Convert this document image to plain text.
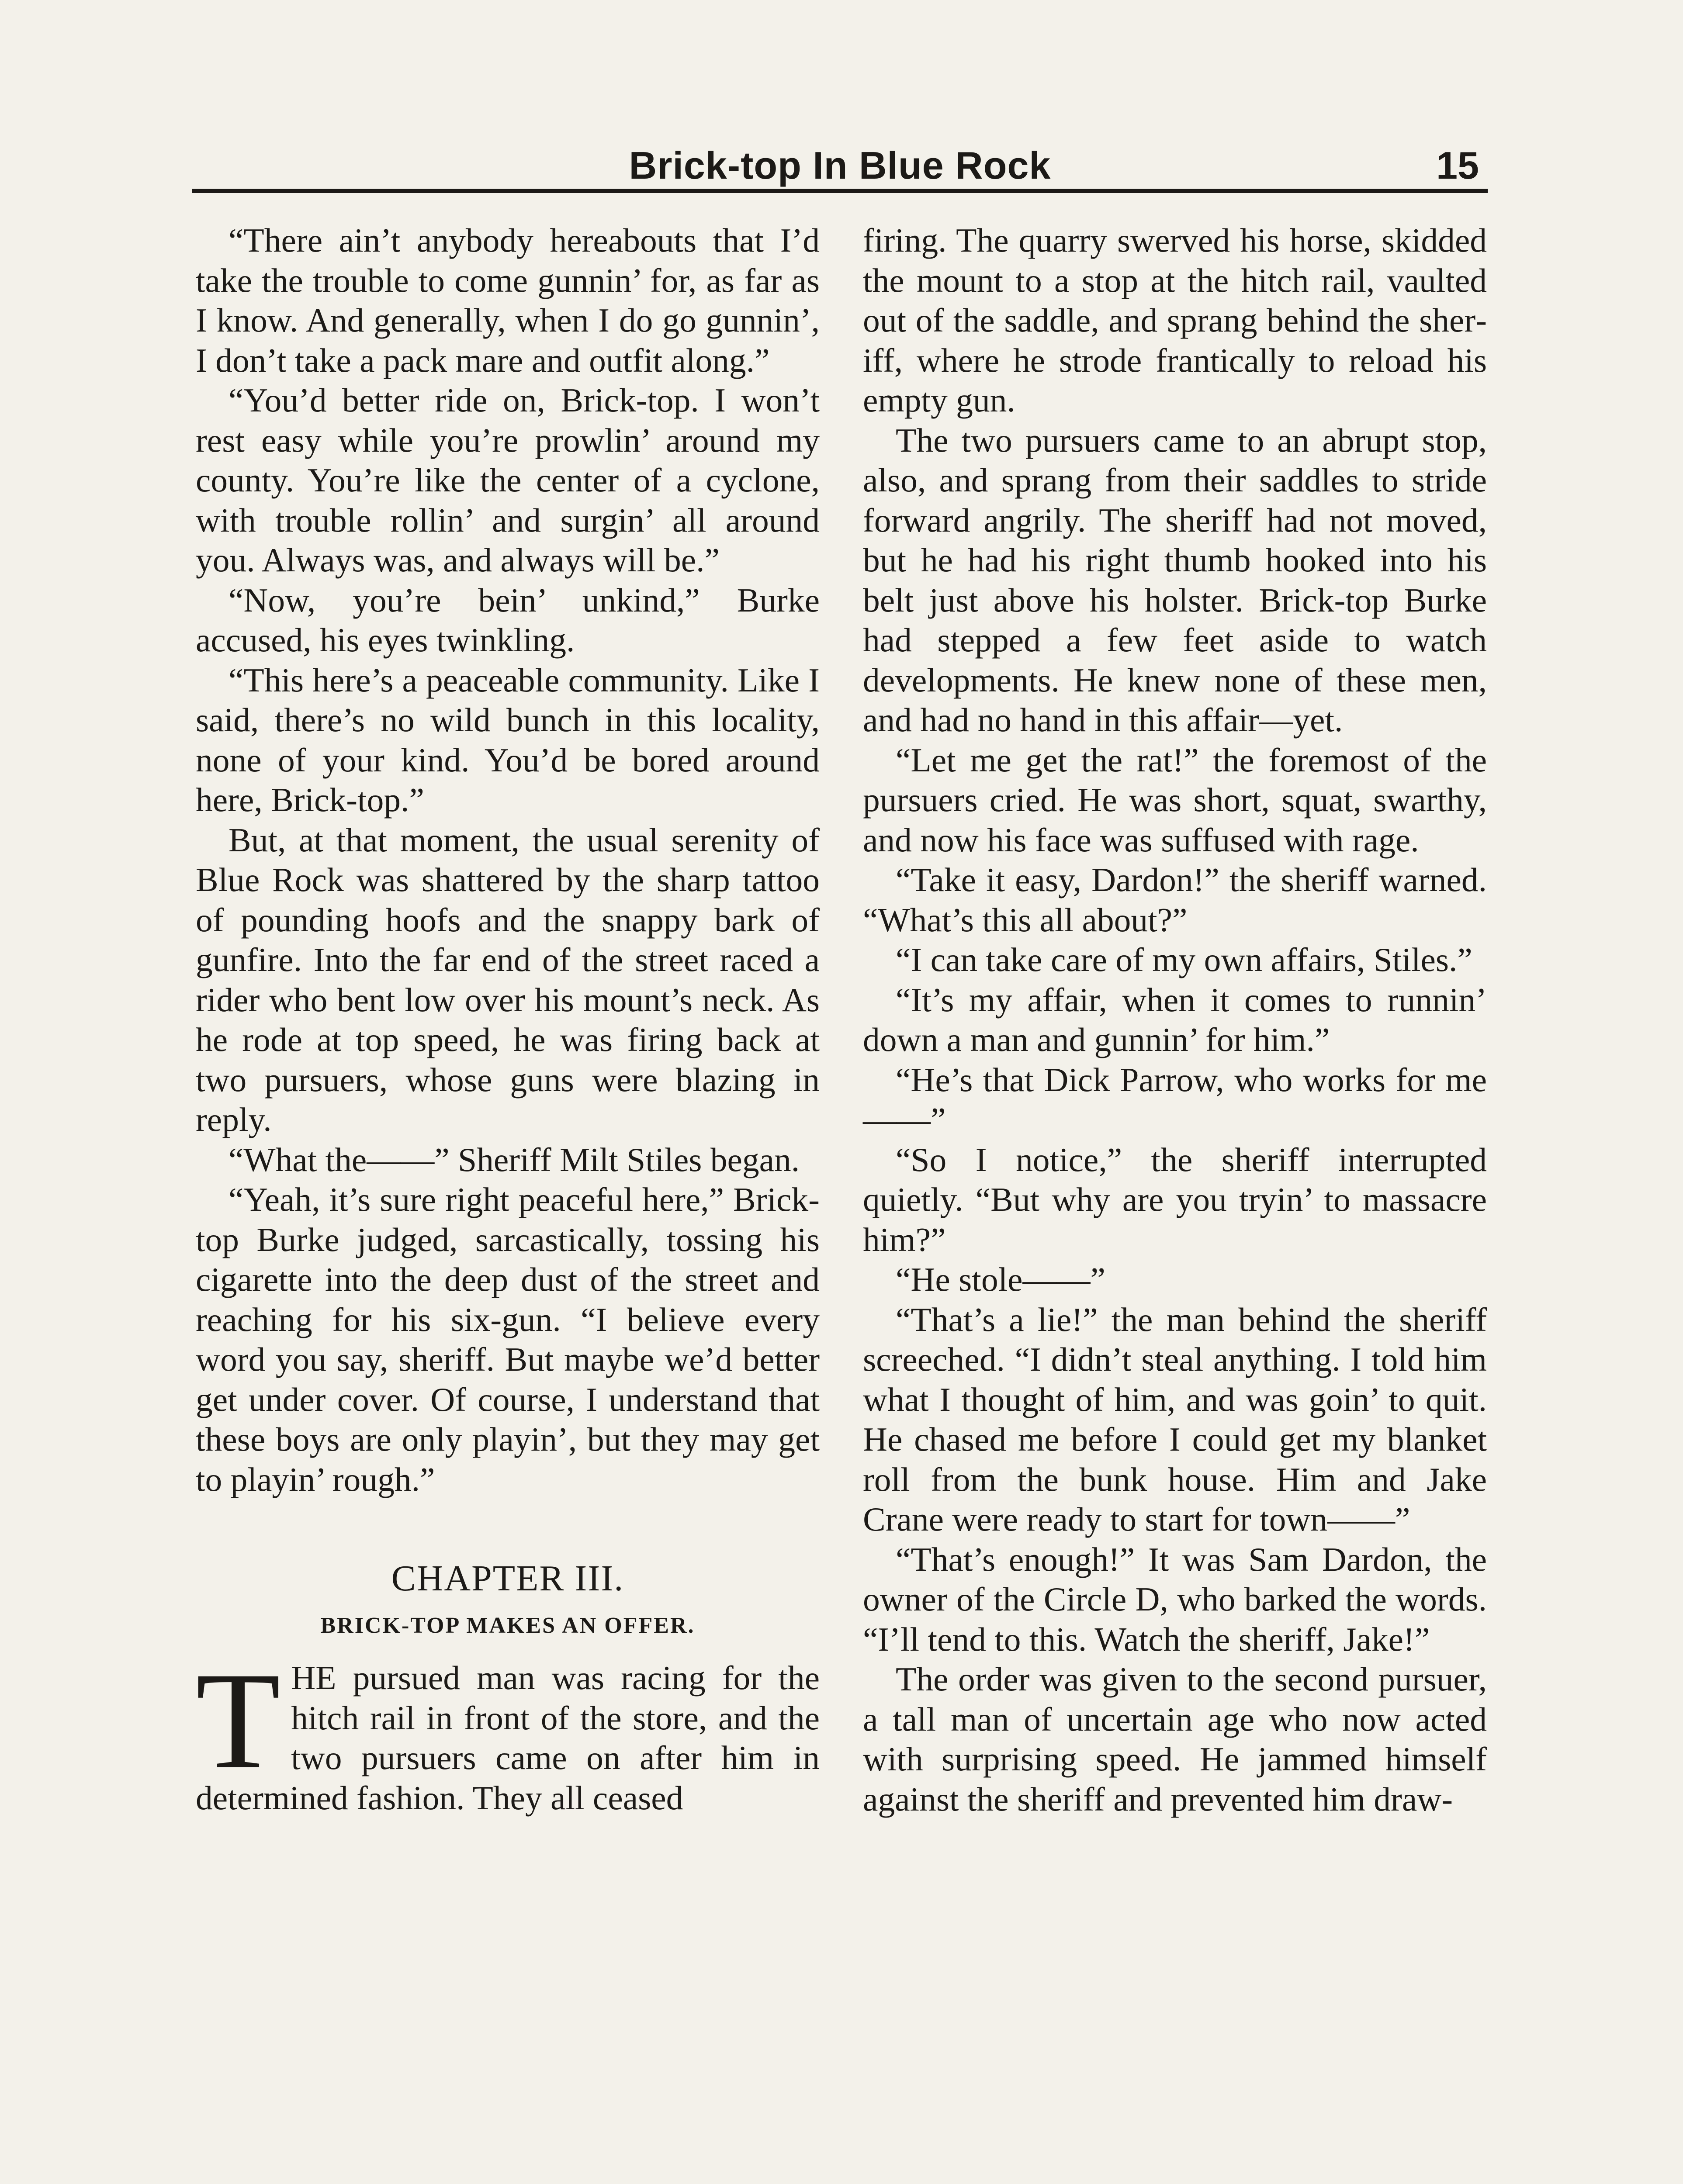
Brick-top In Blue Rock	15

“There ain’t anybody hereabouts that I’d take the trouble to come gunnin’ for, as far as I know. And generally, when I do go gunnin’, I don’t take a pack mare and outfit along.”

“You’d better ride on, Brick-top. I won’t rest easy while you’re prowlin’ around my county. You’re like the center of a cyclone, with trouble rollin’ and surgin’ all around you. Always was, and always will be.”

“Now, you’re bein’ unkind,” Burke accused, his eyes twinkling.

“This here’s a peaceable community. Like I said, there’s no wild bunch in this locality, none of your kind. You’d be bored around here, Brick-top.”

But, at that moment, the usual serenity of Blue Rock was shattered by the sharp tattoo of pounding hoofs and the snappy bark of gunfire. Into the far end of the street raced a rider who bent low over his mount’s neck. As he rode at top speed, he was firing back at two pursuers, whose guns were blazing in reply.

“What the——” Sheriff Milt Stiles began.

“Yeah, it’s sure right peaceful here,” Brick-top Burke judged, sarcastically, tossing his cigarette into the deep dust of the street and reaching for his six-gun. “I believe every word you say, sheriff. But maybe we’d better get under cover. Of course, I understand that these boys are only playin’, but they may get to playin’ rough.”

CHAPTER III.
BRICK-TOP MAKES AN OFFER.

THE pursued man was racing for the hitch rail in front of the store, and the two pursuers came on after him in determined fashion. They all ceased

firing. The quarry swerved his horse, skidded the mount to a stop at the hitch rail, vaulted out of the saddle, and sprang behind the sheriff, where he strode frantically to reload his empty gun.

The two pursuers came to an abrupt stop, also, and sprang from their saddles to stride forward angrily. The sheriff had not moved, but he had his right thumb hooked into his belt just above his holster. Brick-top Burke had stepped a few feet aside to watch developments. He knew none of these men, and had no hand in this affair—yet.

“Let me get the rat!” the foremost of the pursuers cried. He was short, squat, swarthy, and now his face was suffused with rage.

“Take it easy, Dardon!” the sheriff warned. “What’s this all about?”

“I can take care of my own affairs, Stiles.”

“It’s my affair, when it comes to runnin’ down a man and gunnin’ for him.”

“He’s that Dick Parrow, who works for me——”

“So I notice,” the sheriff interrupted quietly. “But why are you tryin’ to massacre him?”

“He stole——”

“That’s a lie!” the man behind the sheriff screeched. “I didn’t steal anything. I told him what I thought of him, and was goin’ to quit. He chased me before I could get my blanket roll from the bunk house. Him and Jake Crane were ready to start for town——”

“That’s enough!” It was Sam Dardon, the owner of the Circle D, who barked the words. “I’ll tend to this. Watch the sheriff, Jake!”

The order was given to the second pursuer, a tall man of uncertain age who now acted with surprising speed. He jammed himself against the sheriff and prevented him draw-
